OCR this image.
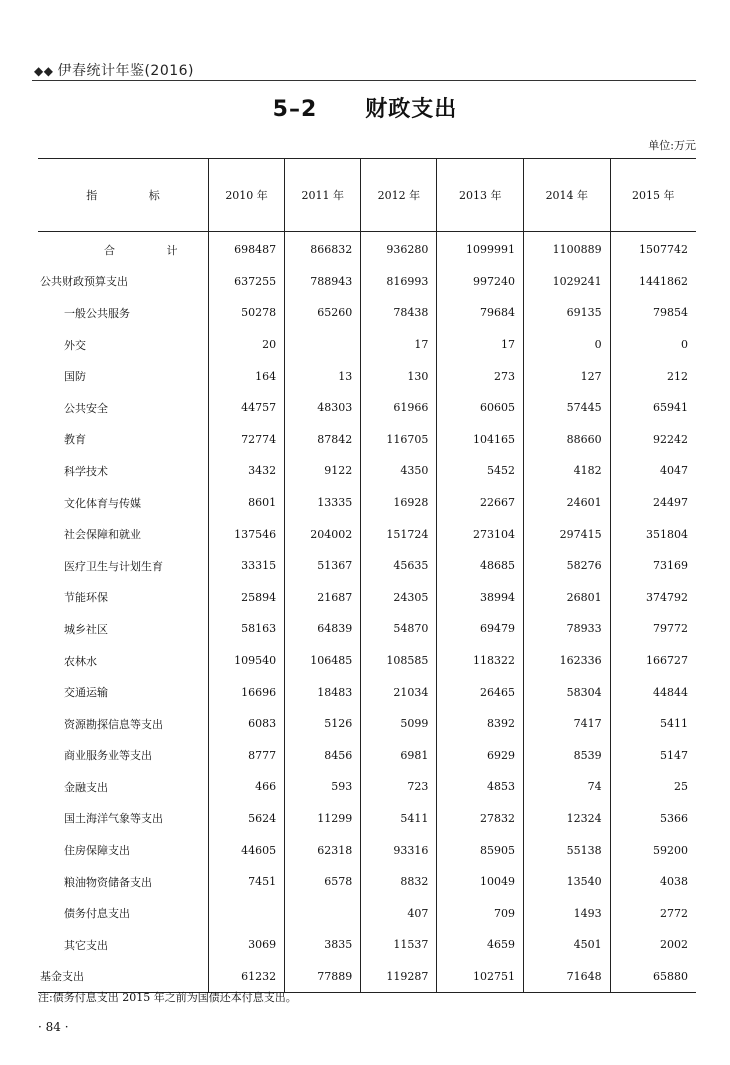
◆◆ 伊春统计年鉴(2016)
5–2 财政支出
单位:万元
指 标	2010 年	2011 年	2012 年	2013 年	2014 年	2015 年
合 计	698487	866832	936280	1099991	1100889	1507742
公共财政预算支出	637255	788943	816993	997240	1029241	1441862
一般公共服务	50278	65260	78438	79684	69135	79854
外交	20		17	17	0	0
国防	164	13	130	273	127	212
公共安全	44757	48303	61966	60605	57445	65941
教育	72774	87842	116705	104165	88660	92242
科学技术	3432	9122	4350	5452	4182	4047
文化体育与传媒	8601	13335	16928	22667	24601	24497
社会保障和就业	137546	204002	151724	273104	297415	351804
医疗卫生与计划生育	33315	51367	45635	48685	58276	73169
节能环保	25894	21687	24305	38994	26801	374792
城乡社区	58163	64839	54870	69479	78933	79772
农林水	109540	106485	108585	118322	162336	166727
交通运输	16696	18483	21034	26465	58304	44844
资源勘探信息等支出	6083	5126	5099	8392	7417	5411
商业服务业等支出	8777	8456	6981	6929	8539	5147
金融支出	466	593	723	4853	74	25
国土海洋气象等支出	5624	11299	5411	27832	12324	5366
住房保障支出	44605	62318	93316	85905	55138	59200
粮油物资储备支出	7451	6578	8832	10049	13540	4038
债务付息支出			407	709	1493	2772
其它支出	3069	3835	11537	4659	4501	2002
基金支出	61232	77889	119287	102751	71648	65880
注:债务付息支出 2015 年之前为国债还本付息支出。
· 84 ·
